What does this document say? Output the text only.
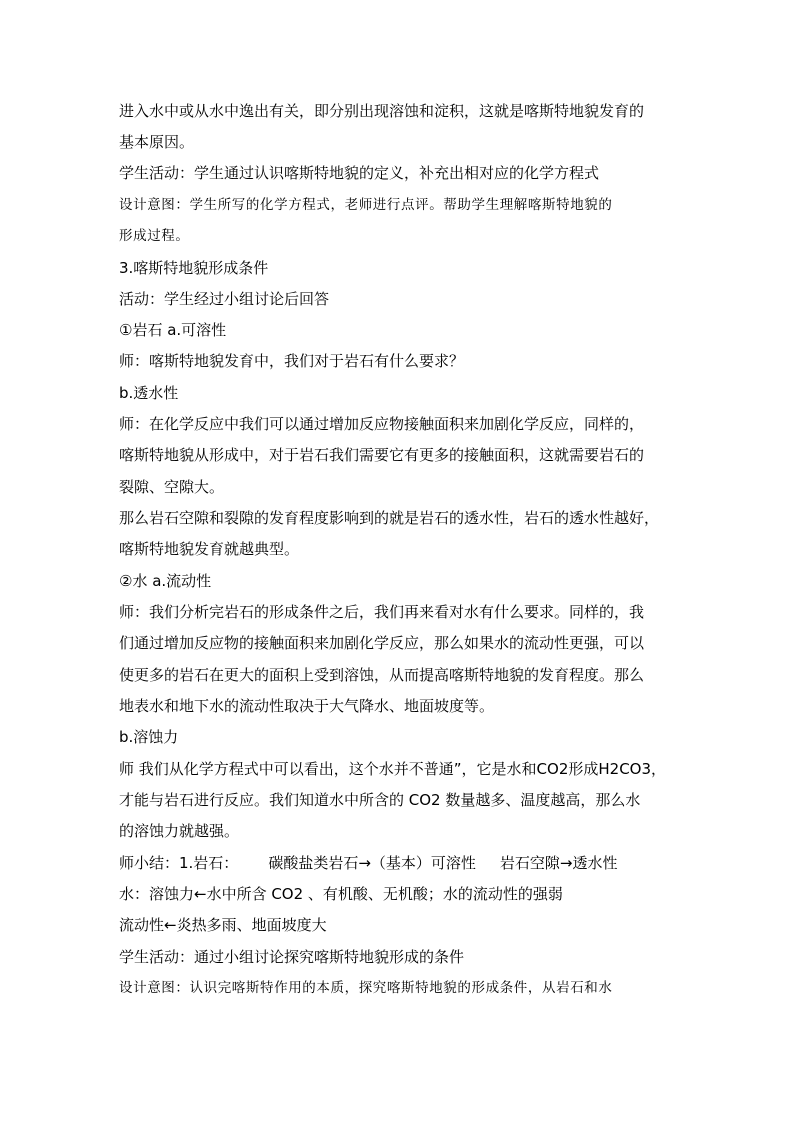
进入水中或从水中逸出有关，即分别出现溶蚀和淀积，这就是喀斯特地貌发育的
基本原因。
学生活动：学生通过认识喀斯特地貌的定义，补充出相对应的化学方程式
设计意图：学生所写的化学方程式，老师进行点评。帮助学生理解喀斯特地貌的
形成过程。
3.喀斯特地貌形成条件
活动：学生经过小组讨论后回答
①岩石 a.可溶性
师：喀斯特地貌发育中，我们对于岩石有什么要求？
b.透水性
师：在化学反应中我们可以通过增加反应物接触面积来加剧化学反应，同样的，
喀斯特地貌从形成中，对于岩石我们需要它有更多的接触面积，这就需要岩石的
裂隙、空隙大。
那么岩石空隙和裂隙的发育程度影响到的就是岩石的透水性，岩石的透水性越好，
喀斯特地貌发育就越典型。
②水 a.流动性
师：我们分析完岩石的形成条件之后，我们再来看对水有什么要求。同样的，我
们通过增加反应物的接触面积来加剧化学反应，那么如果水的流动性更强，可以
使更多的岩石在更大的面积上受到溶蚀，从而提高喀斯特地貌的发育程度。那么
地表水和地下水的流动性取决于大气降水、地面坡度等。
b.溶蚀力
师 我们从化学方程式中可以看出，这个水并不普通”，它是水和CO2形成H2CO3，
才能与岩石进行反应。我们知道水中所含的 CO2 数量越多、温度越高，那么水
的溶蚀力就越强。
师小结：1.岩石： 碳酸盐类岩石→（基本）可溶性 岩石空隙→透水性
水：溶蚀力←水中所含 CO2 、有机酸、无机酸；水的流动性的强弱
流动性←炎热多雨、地面坡度大
学生活动：通过小组讨论探究喀斯特地貌形成的条件
设计意图：认识完喀斯特作用的本质，探究喀斯特地貌的形成条件，从岩石和水
